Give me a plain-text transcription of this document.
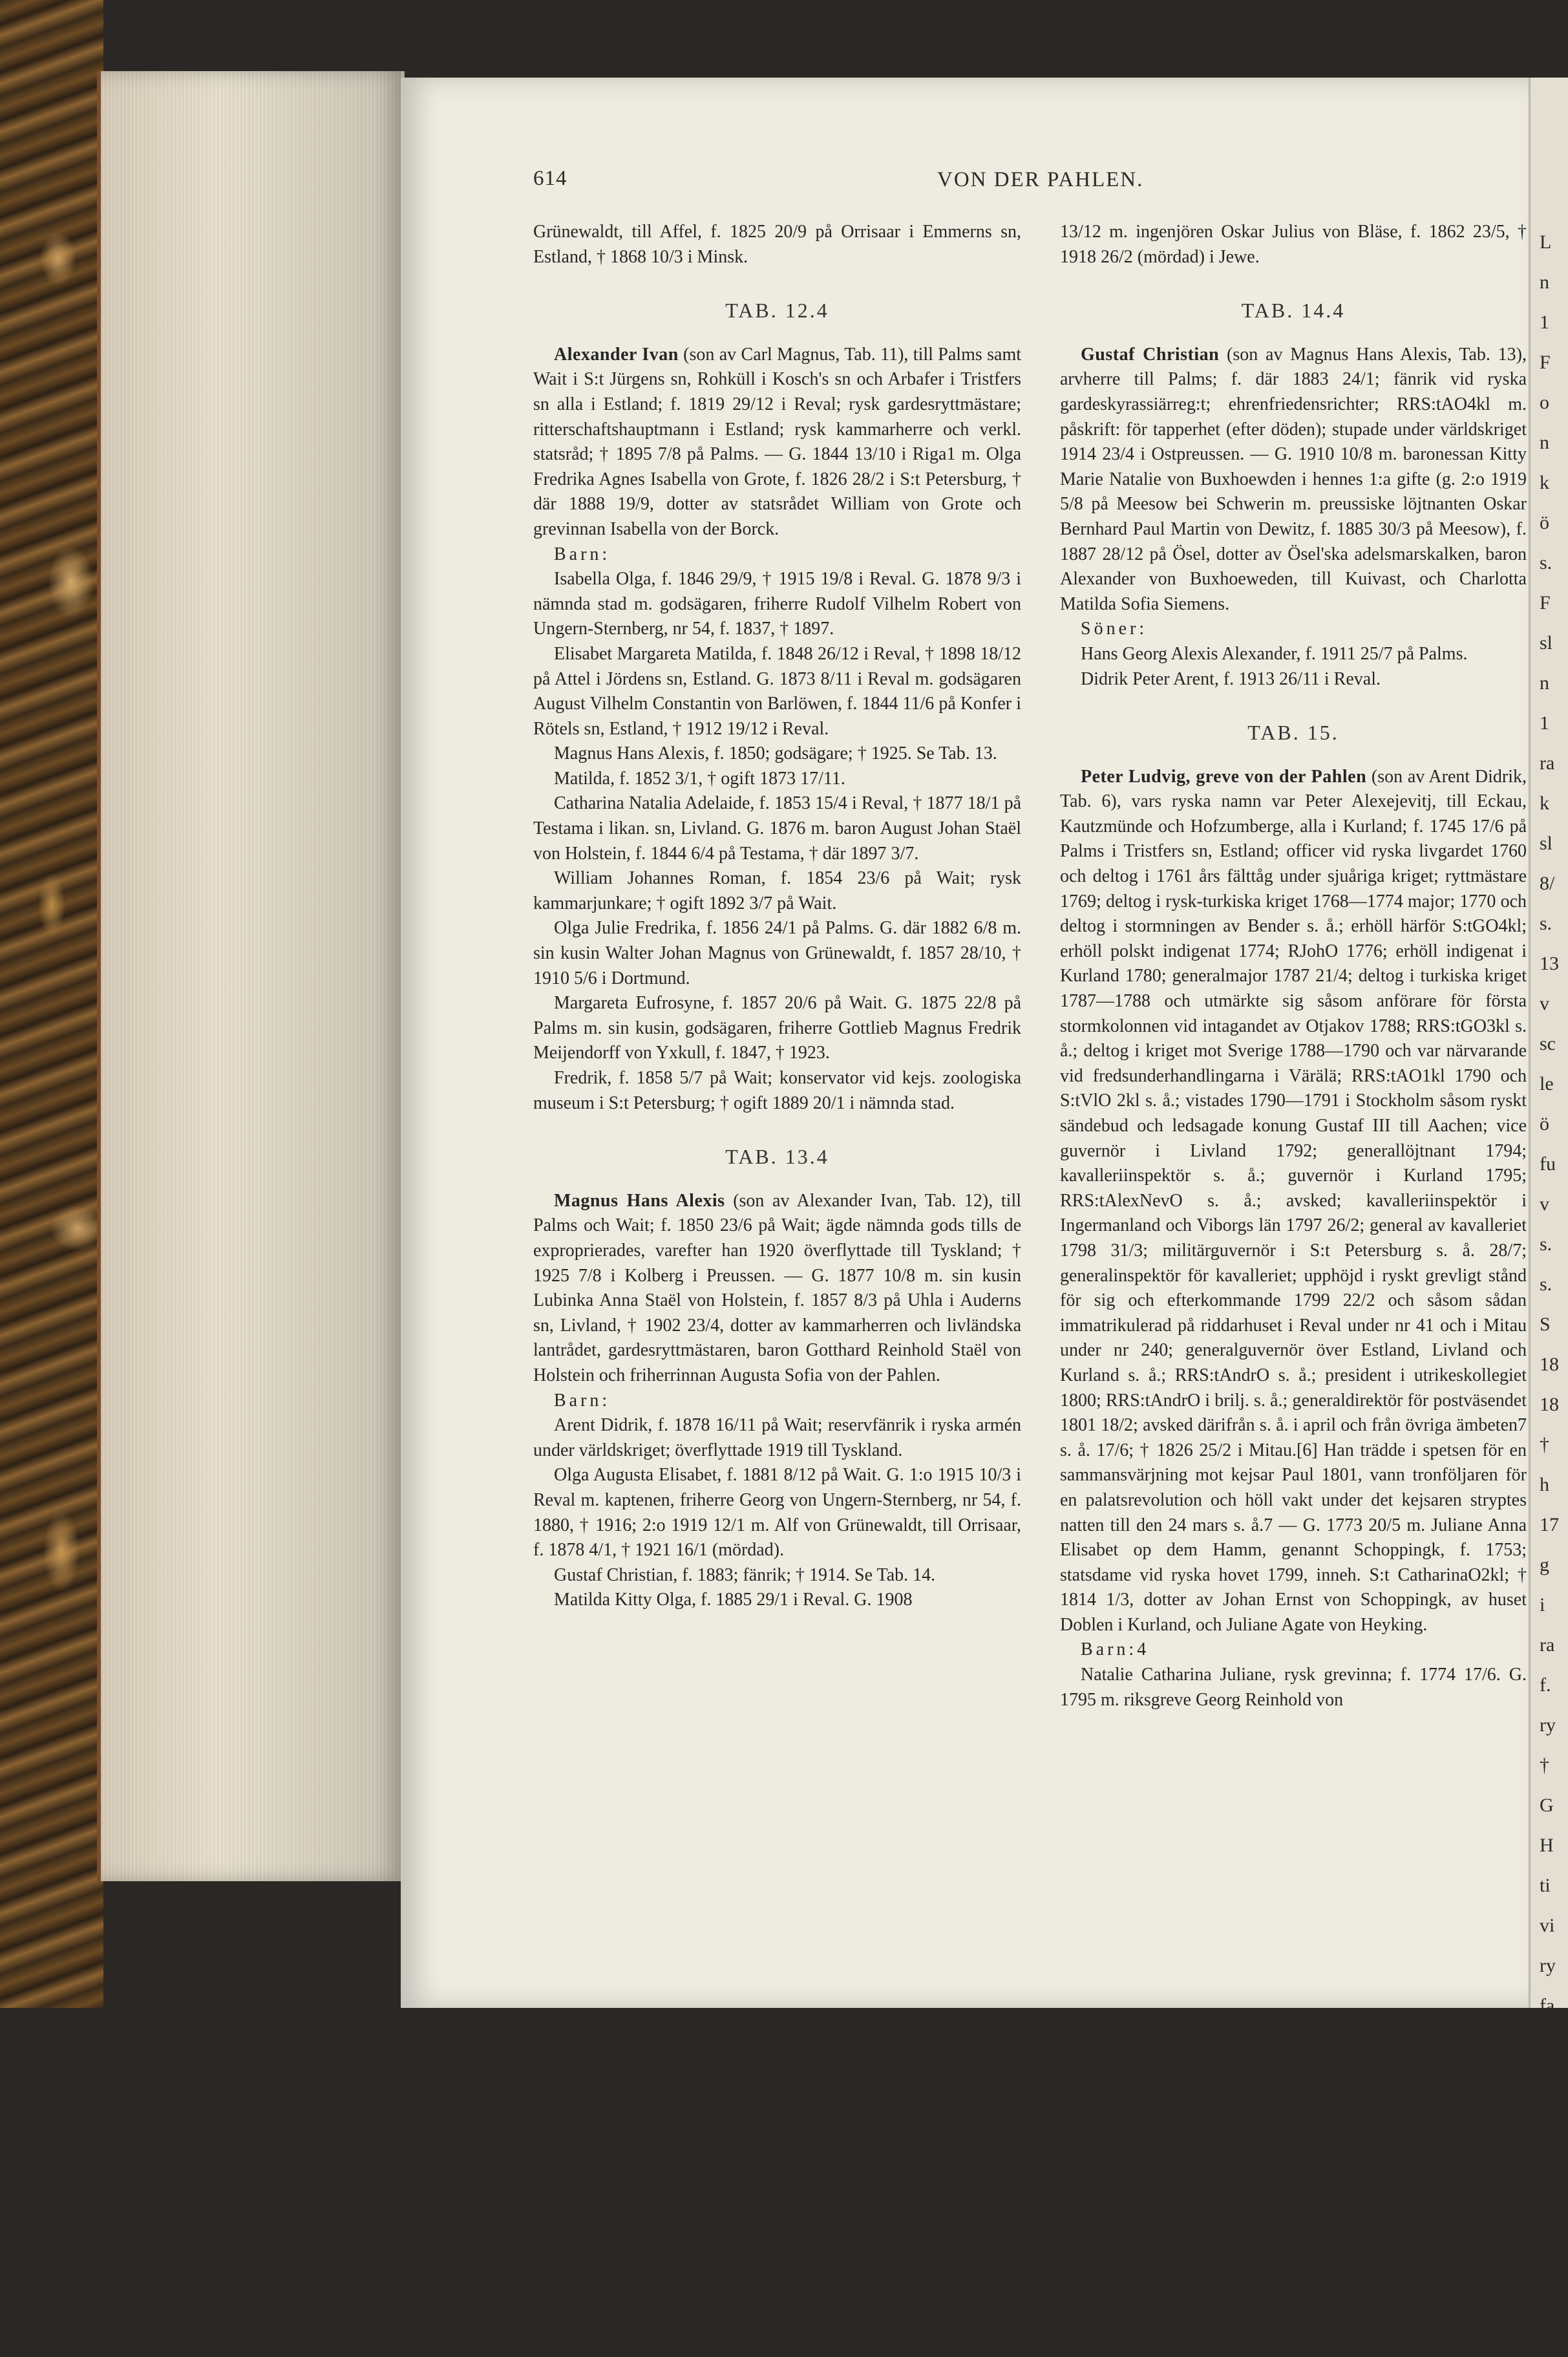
L
n
1
F
o
n
k
ö
s.
F
sl
n
1
ra
k
sl
8/
s.
13
v
sc
le
ö
fu
v
s.
s.
S
18
18
†
h
17
g
i
ra
f.
ry
†
G
H
ti
vi
ry
fa
d
M
b
g
a
C
O
m
614	VON DER PAHLEN.

Grünewaldt, till Affel, f. 1825 20/9 på Orrisaar i Emmerns sn, Estland, † 1868 10/3 i Minsk.

TAB. 12.4

Alexander Ivan (son av Carl Magnus, Tab. 11), till Palms samt Wait i S:t Jürgens sn, Rohküll i Kosch's sn och Arbafer i Tristfers sn alla i Estland; f. 1819 29/12 i Reval; rysk gardesryttmästare; ritterschaftshauptmann i Estland; rysk kammarherre och verkl. statsråd; † 1895 7/8 på Palms. — G. 1844 13/10 i Riga1 m. Olga Fredrika Agnes Isabella von Grote, f. 1826 28/2 i S:t Petersburg, † där 1888 19/9, dotter av statsrådet William von Grote och grevinnan Isabella von der Borck.

Barn:

Isabella Olga, f. 1846 29/9, † 1915 19/8 i Reval. G. 1878 9/3 i nämnda stad m. godsägaren, friherre Rudolf Vilhelm Robert von Ungern-Sternberg, nr 54, f. 1837, † 1897.

Elisabet Margareta Matilda, f. 1848 26/12 i Reval, † 1898 18/12 på Attel i Jördens sn, Estland. G. 1873 8/11 i Reval m. godsägaren August Vilhelm Constantin von Barlöwen, f. 1844 11/6 på Konfer i Rötels sn, Estland, † 1912 19/12 i Reval.

Magnus Hans Alexis, f. 1850; godsägare; † 1925. Se Tab. 13.

Matilda, f. 1852 3/1, † ogift 1873 17/11.

Catharina Natalia Adelaide, f. 1853 15/4 i Reval, † 1877 18/1 på Testama i likan. sn, Livland. G. 1876 m. baron August Johan Staël von Holstein, f. 1844 6/4 på Testama, † där 1897 3/7.

William Johannes Roman, f. 1854 23/6 på Wait; rysk kammarjunkare; † ogift 1892 3/7 på Wait.

Olga Julie Fredrika, f. 1856 24/1 på Palms. G. där 1882 6/8 m. sin kusin Walter Johan Magnus von Grünewaldt, f. 1857 28/10, † 1910 5/6 i Dortmund.

Margareta Eufrosyne, f. 1857 20/6 på Wait. G. 1875 22/8 på Palms m. sin kusin, godsägaren, friherre Gottlieb Magnus Fredrik Meijendorff von Yxkull, f. 1847, † 1923.

Fredrik, f. 1858 5/7 på Wait; konservator vid kejs. zoologiska museum i S:t Petersburg; † ogift 1889 20/1 i nämnda stad.

TAB. 13.4

Magnus Hans Alexis (son av Alexander Ivan, Tab. 12), till Palms och Wait; f. 1850 23/6 på Wait; ägde nämnda gods tills de exproprierades, varefter han 1920 överflyttade till Tyskland; † 1925 7/8 i Kolberg i Preussen. — G. 1877 10/8 m. sin kusin Lubinka Anna Staël von Holstein, f. 1857 8/3 på Uhla i Auderns sn, Livland, † 1902 23/4, dotter av kammarherren och livländska lantrådet, gardesryttmästaren, baron Gotthard Reinhold Staël von Holstein och friherrinnan Augusta Sofia von der Pahlen.

Barn:

Arent Didrik, f. 1878 16/11 på Wait; reservfänrik i ryska armén under världskriget; överflyttade 1919 till Tyskland.

Olga Augusta Elisabet, f. 1881 8/12 på Wait. G. 1:o 1915 10/3 i Reval m. kaptenen, friherre Georg von Ungern-Sternberg, nr 54, f. 1880, † 1916; 2:o 1919 12/1 m. Alf von Grünewaldt, till Orrisaar, f. 1878 4/1, † 1921 16/1 (mördad).

Gustaf Christian, f. 1883; fänrik; † 1914. Se Tab. 14.

Matilda Kitty Olga, f. 1885 29/1 i Reval. G. 1908

13/12 m. ingenjören Oskar Julius von Bläse, f. 1862 23/5, † 1918 26/2 (mördad) i Jewe.

TAB. 14.4

Gustaf Christian (son av Magnus Hans Alexis, Tab. 13), arvherre till Palms; f. där 1883 24/1; fänrik vid ryska gardeskyrassiärreg:t; ehrenfriedensrichter; RRS:tAO4kl m. påskrift: för tapperhet (efter döden); stupade under världskriget 1914 23/4 i Ostpreussen. — G. 1910 10/8 m. baronessan Kitty Marie Natalie von Buxhoewden i hennes 1:a gifte (g. 2:o 1919 5/8 på Meesow bei Schwerin m. preussiske löjtnanten Oskar Bernhard Paul Martin von Dewitz, f. 1885 30/3 på Meesow), f. 1887 28/12 på Ösel, dotter av Ösel'ska adelsmarskalken, baron Alexander von Buxhoeweden, till Kuivast, och Charlotta Matilda Sofia Siemens.

Söner:

Hans Georg Alexis Alexander, f. 1911 25/7 på Palms.

Didrik Peter Arent, f. 1913 26/11 i Reval.

TAB. 15.

Peter Ludvig, greve von der Pahlen (son av Arent Didrik, Tab. 6), vars ryska namn var Peter Alexejevitj, till Eckau, Kautzmünde och Hofzumberge, alla i Kurland; f. 1745 17/6 på Palms i Tristfers sn, Estland; officer vid ryska livgardet 1760 och deltog i 1761 års fälttåg under sjuåriga kriget; ryttmästare 1769; deltog i rysk-turkiska kriget 1768—1774 major; 1770 och deltog i stormningen av Bender s. å.; erhöll härför S:tGO4kl; erhöll polskt indigenat 1774; RJohO 1776; erhöll indigenat i Kurland 1780; generalmajor 1787 21/4; deltog i turkiska kriget 1787—1788 och utmärkte sig såsom anförare för första stormkolonnen vid intagandet av Otjakov 1788; RRS:tGO3kl s. å.; deltog i kriget mot Sverige 1788—1790 och var närvarande vid fredsunderhandlingarna i Värälä; RRS:tAO1kl 1790 och S:tVlO 2kl s. å.; vistades 1790—1791 i Stockholm såsom ryskt sändebud och ledsagade konung Gustaf III till Aachen; vice guvernör i Livland 1792; generallöjtnant 1794; kavalleriinspektör s. å.; guvernör i Kurland 1795; RRS:tAlexNevO s. å.; avsked; kavalleriinspektör i Ingermanland och Viborgs län 1797 26/2; general av kavalleriet 1798 31/3; militärguvernör i S:t Petersburg s. å. 28/7; generalinspektör för kavalleriet; upphöjd i ryskt grevligt stånd för sig och efterkommande 1799 22/2 och såsom sådan immatrikulerad på riddarhuset i Reval under nr 41 och i Mitau under nr 240; generalguvernör över Estland, Livland och Kurland s. å.; RRS:tAndrO s. å.; president i utrikeskollegiet 1800; RRS:tAndrO i brilj. s. å.; generaldirektör för postväsendet 1801 18/2; avsked därifrån s. å. i april och från övriga ämbeten7 s. å. 17/6; † 1826 25/2 i Mitau.[6] Han trädde i spetsen för en sammansvärjning mot kejsar Paul 1801, vann tronföljaren för en palatsrevolution och höll vakt under det kejsaren stryptes natten till den 24 mars s. å.7 — G. 1773 20/5 m. Juliane Anna Elisabet op dem Hamm, genannt Schoppingk, f. 1753; statsdame vid ryska hovet 1799, inneh. S:t CatharinaO2kl; † 1814 1/3, dotter av Johan Ernst von Schoppingk, av huset Doblen i Kurland, och Juliane Agate von Heyking.

Barn:4

Natalie Catharina Juliane, rysk grevinna; f. 1774 17/6. G. 1795 m. riksgreve Georg Reinhold von
